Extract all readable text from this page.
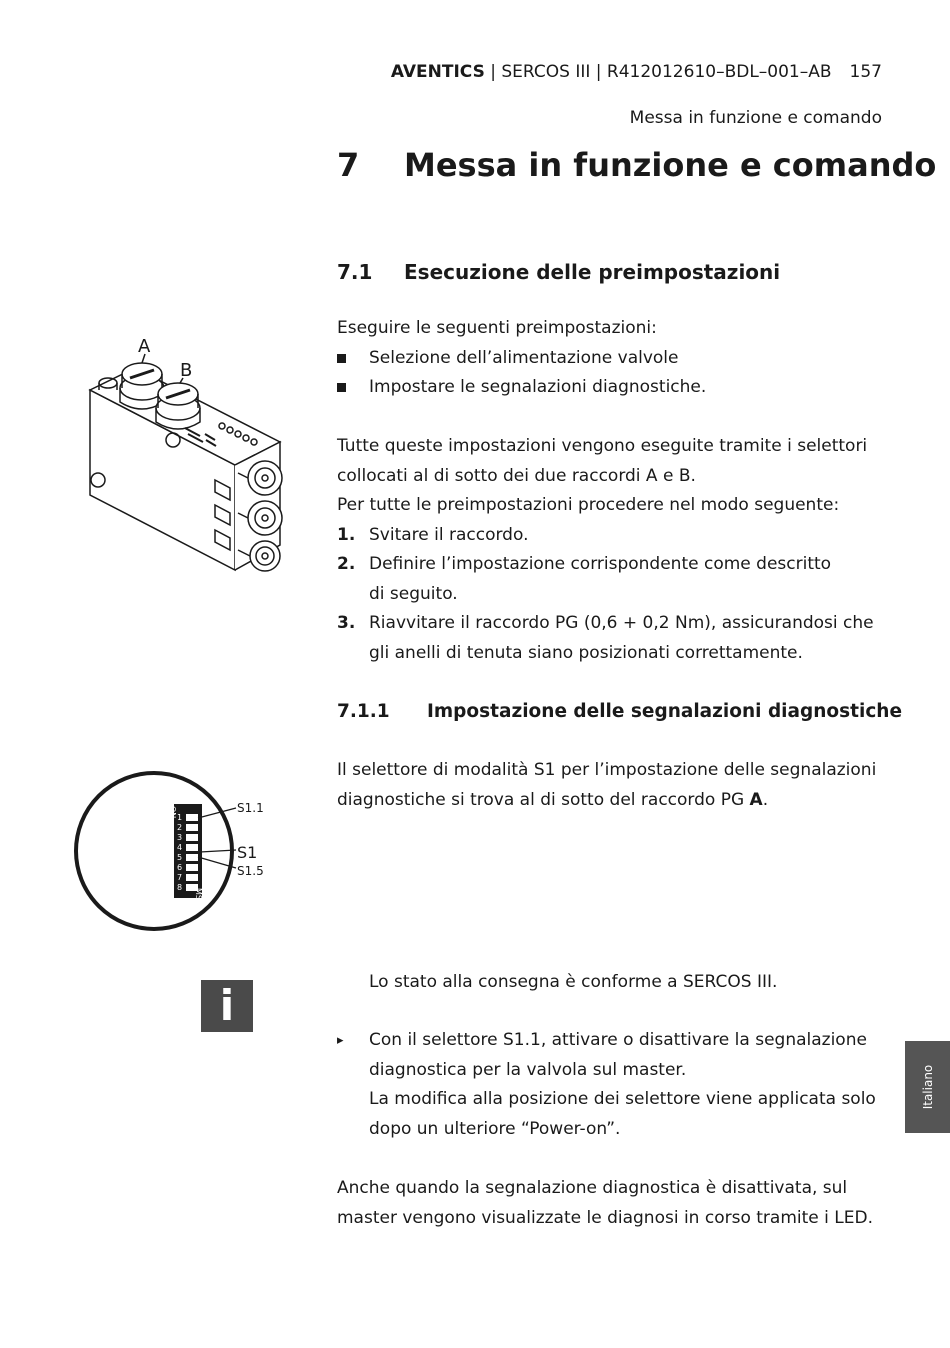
AVENTICS | SERCOS III | R412012610–BDL–001–AB 157
Messa in funzione e comando
7 Messa in funzione e comando
7.1 Esecuzione delle preimpostazioni
Eseguire le seguenti preimpostazioni:
Selezione dell’alimentazione valvole
Impostare le segnalazioni diagnostiche.
Tutte queste impostazioni vengono eseguite tramite i selettori
collocati al di sotto dei due raccordi A e B.
Per tutte le preimpostazioni procedere nel modo seguente:
1. Svitare il raccordo.
2. Definire l’impostazione corrispondente come descritto
di seguito.
3. Riavvitare il raccordo PG (0,6 + 0,2 Nm), assicurandosi che
gli anelli di tenuta siano posizionati correttamente.
7.1.1 Impostazione delle segnalazioni diagnostiche
Il selettore di modalità S1 per l’impostazione delle segnalazioni
diagnostiche si trova al di sotto del raccordo PG A.
i	Lo stato alla consegna è conforme a SERCOS III.
▸ Con il selettore S1.1, attivare o disattivare la segnalazione
diagnostica per la valvola sul master.
La modifica alla posizione dei selettore viene applicata solo
dopo un ulteriore “Power-on”.
Anche quando la segnalazione diagnostica è disattivata, sul
master vengono visualizzate le diagnosi in corso tramite i LED.
Italiano
A
B
ON 1
2
3
4
5
6
7
8
MS
S1.1
S1
S1.5
